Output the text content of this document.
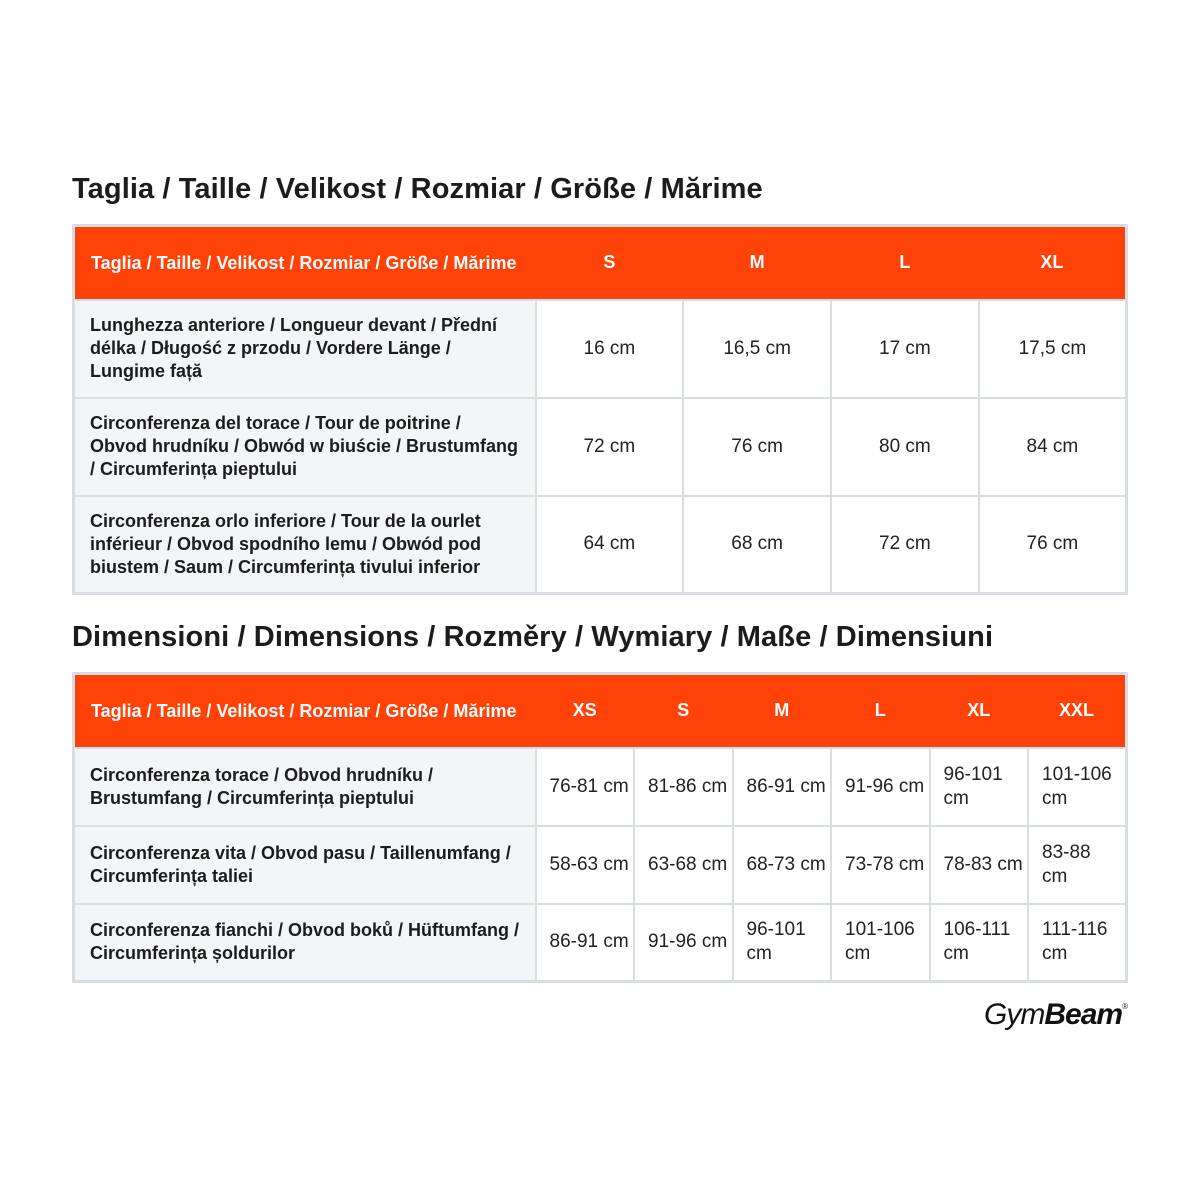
Taglia / Taille / Velikost / Rozmiar / Größe / Mărime
Taglia / Taille / Velikost / Rozmiar / Größe / Mărime	S	M	L	XL
Lunghezza anteriore / Longueur devant / Přední délka / Długość z przodu / Vordere Länge / Lungime față	16 cm	16,5 cm	17 cm	17,5 cm
Circonferenza del torace / Tour de poitrine / Obvod hrudníku / Obwód w biuście / Brustumfang / Circumferința pieptului	72 cm	76 cm	80 cm	84 cm
Circonferenza orlo inferiore / Tour de la ourlet inférieur / Obvod spodního lemu / Obwód pod biustem / Saum / Circumferința tivului inferior	64 cm	68 cm	72 cm	76 cm
Dimensioni / Dimensions / Rozměry / Wymiary / Maße / Dimensiuni
Taglia / Taille / Velikost / Rozmiar / Größe / Mărime	XS	S	M	L	XL	XXL
Circonferenza torace / Obvod hrudníku / Brustumfang / Circumferința pieptului	76-81 cm	81-86 cm	86-91 cm	91-96 cm	96-101 cm	101-106 cm
Circonferenza vita / Obvod pasu / Taillenumfang / Circumferința taliei	58-63 cm	63-68 cm	68-73 cm	73-78 cm	78-83 cm	83-88 cm
Circonferenza fianchi / Obvod boků / Hüftumfang / Circumferința șoldurilor	86-91 cm	91-96 cm	96-101 cm	101-106 cm	106-111 cm	111-116 cm
GymBeam®
